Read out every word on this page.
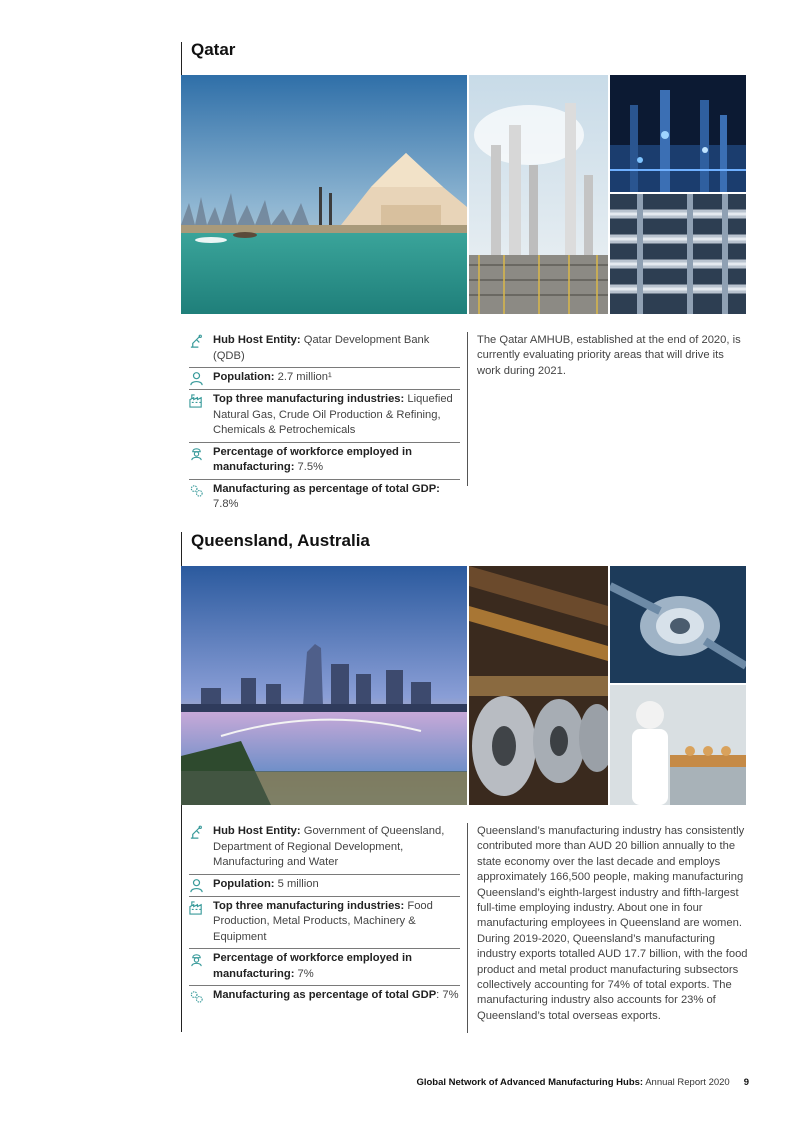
Qatar
Hub Host Entity: Qatar Development Bank (QDB)
Population: 2.7 million¹
Top three manufacturing industries: Liquefied Natural Gas, Crude Oil Production & Refining, Chemicals & Petrochemicals
Percentage of workforce employed in manufacturing: 7.5%
Manufacturing as percentage of total GDP: 7.8%

The Qatar AMHUB, established at the end of 2020, is currently evaluating priority areas that will drive its work during 2021.

Queensland, Australia
Hub Host Entity: Government of Queensland, Department of Regional Development, Manufacturing and Water
Population: 5 million
Top three manufacturing industries: Food Production, Metal Products, Machinery & Equipment
Percentage of workforce employed in manufacturing: 7%
Manufacturing as percentage of total GDP: 7%

Queensland’s manufacturing industry has consistently contributed more than AUD 20 billion annually to the state economy over the last decade and employs approximately 166,500 people, making manufacturing Queensland’s eighth-largest industry and fifth-largest full-time employing industry. About one in four manufacturing employees in Queensland are women. During 2019-2020, Queensland’s manufacturing industry exports totalled AUD 17.7 billion, with the food product and metal product manufacturing subsectors collectively accounting for 74% of total exports. The manufacturing industry also accounts for 23% of Queensland’s total overseas exports.

Global Network of Advanced Manufacturing Hubs: Annual Report 2020 9
